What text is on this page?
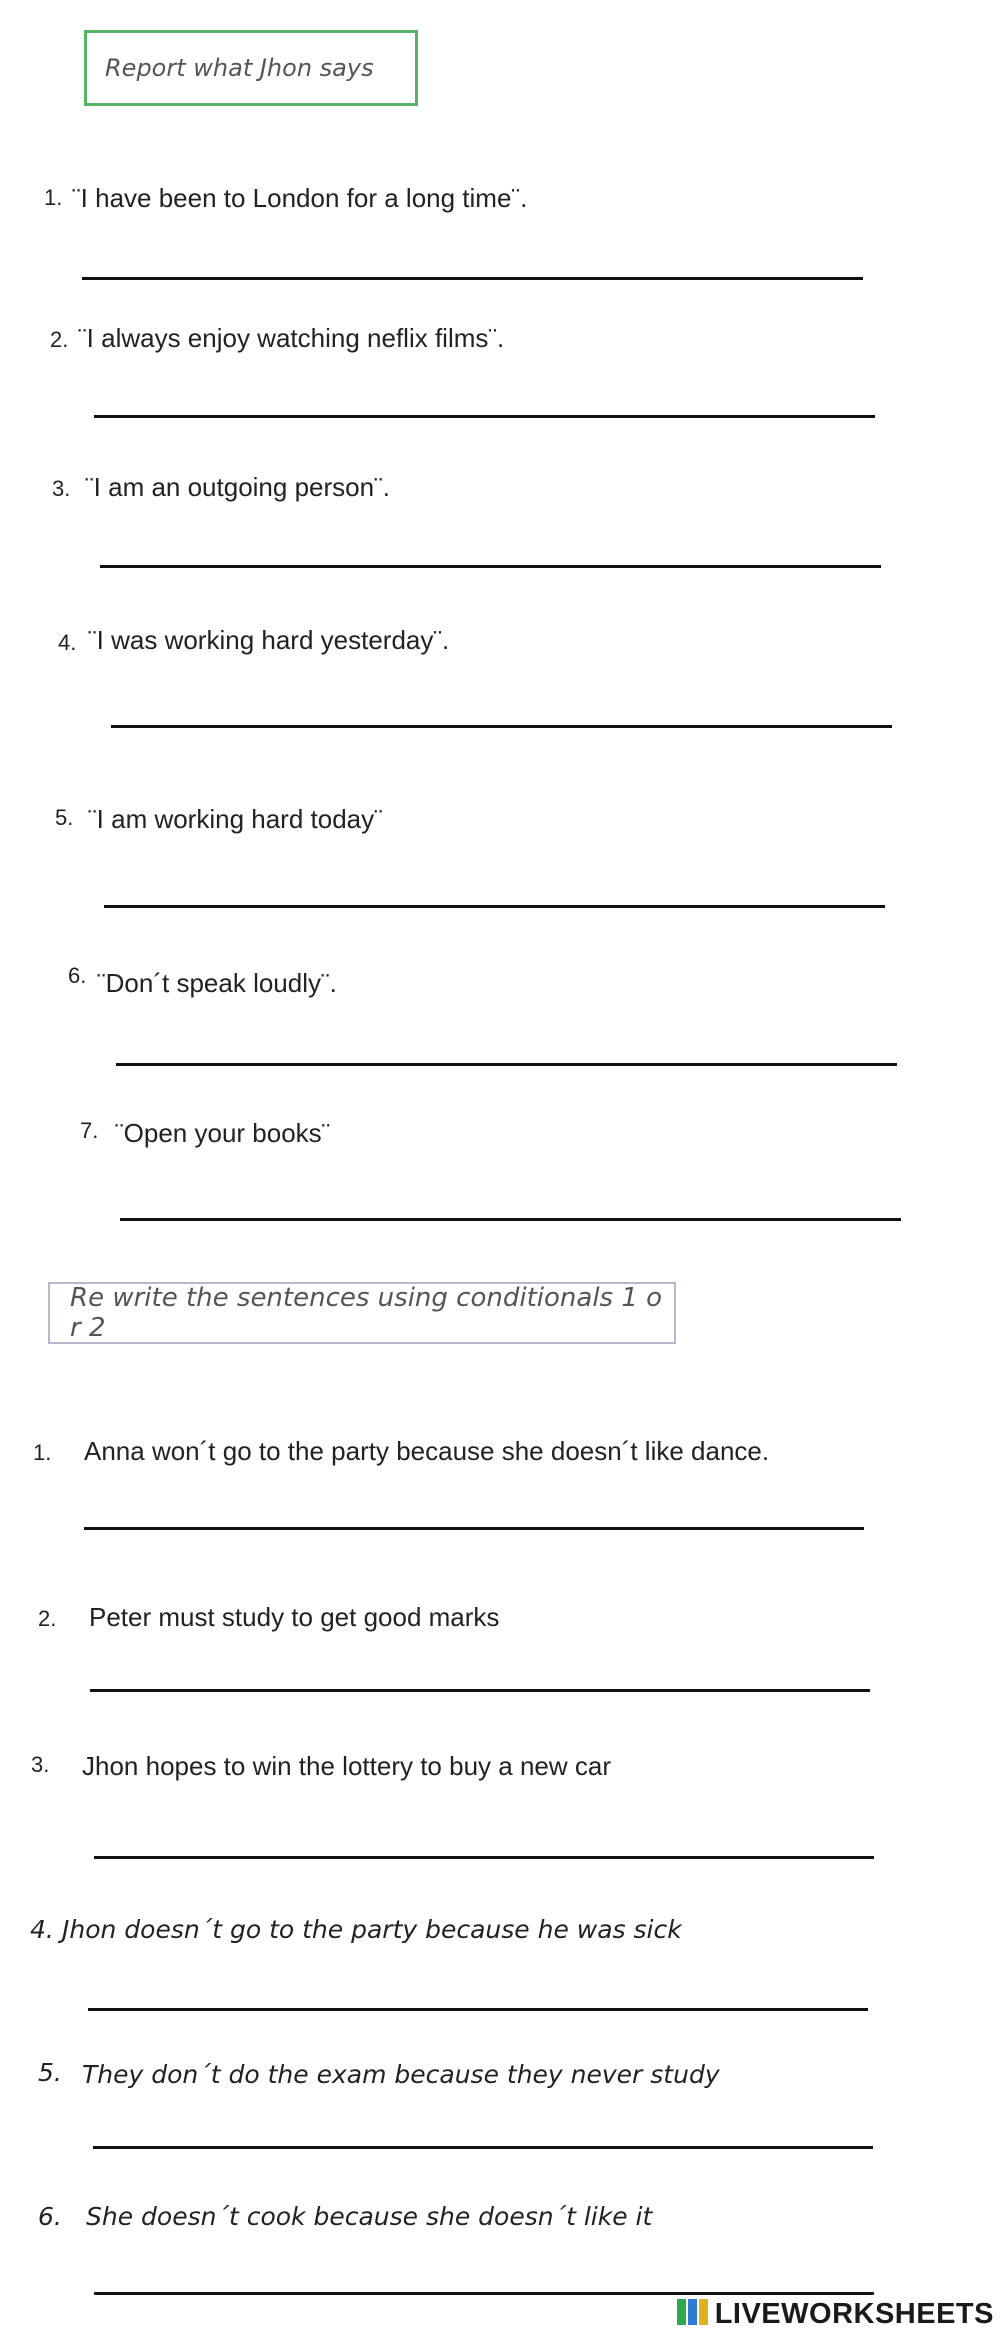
Report what Jhon says
1. ¨I have been to London for a long time¨.
2. ¨I always enjoy watching neflix films¨.
3. ¨I am an outgoing person¨.
4. ¨I was working hard yesterday¨.
5. ¨I am working hard today¨
6. ¨Don´t speak loudly¨.
7. ¨Open your books¨
Re write the sentences using conditionals 1 o r 2
1. Anna won´t go to the party because she doesn´t like dance.
2. Peter must study to get good marks
3. Jhon hopes to win the lottery to buy a new car
4. Jhon doesn´t go to the party because he was sick
5. They don´t do the exam because they never study
6. She doesn´t cook because she doesn´t like it
LIVEWORKSHEETS
